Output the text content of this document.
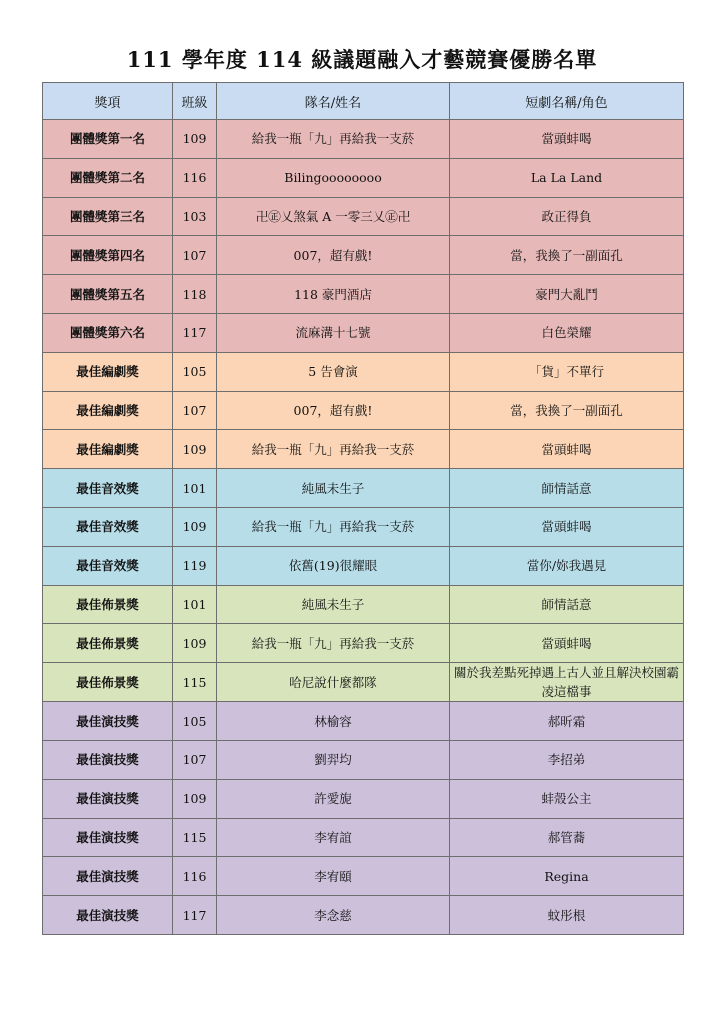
111 學年度 114 級議題融入才藝競賽優勝名單
獎項	班級	隊名/姓名	短劇名稱/角色
團體獎第一名	109	給我一瓶「九」再給我一支菸	當頭蚌喝
團體獎第二名	116	Bilingoooooooo	La La Land
團體獎第三名	103	卍㊣乂煞氣 A 一零三乂㊣卍	政正得負
團體獎第四名	107	007，超有戲!	當，我換了一副面孔
團體獎第五名	118	118 豪門酒店	豪門大亂鬥
團體獎第六名	117	流麻溝十七號	白色榮耀
最佳編劇獎	105	5 告會演	「貨」不單行
最佳編劇獎	107	007，超有戲!	當，我換了一副面孔
最佳編劇獎	109	給我一瓶「九」再給我一支菸	當頭蚌喝
最佳音效獎	101	純風未生子	師情話意
最佳音效獎	109	給我一瓶「九」再給我一支菸	當頭蚌喝
最佳音效獎	119	依舊(19)很耀眼	當你/妳我遇見
最佳佈景獎	101	純風未生子	師情話意
最佳佈景獎	109	給我一瓶「九」再給我一支菸	當頭蚌喝
最佳佈景獎	115	哈尼說什麼都隊	關於我差點死掉遇上古人並且解決校園霸凌這檔事
最佳演技獎	105	林榆容	郝昕霜
最佳演技獎	107	劉羿均	李招弟
最佳演技獎	109	許愛旎	蚌殼公主
最佳演技獎	115	李宥誼	郝管蕎
最佳演技獎	116	李宥頤	Regina
最佳演技獎	117	李念慈	蚊彤根
